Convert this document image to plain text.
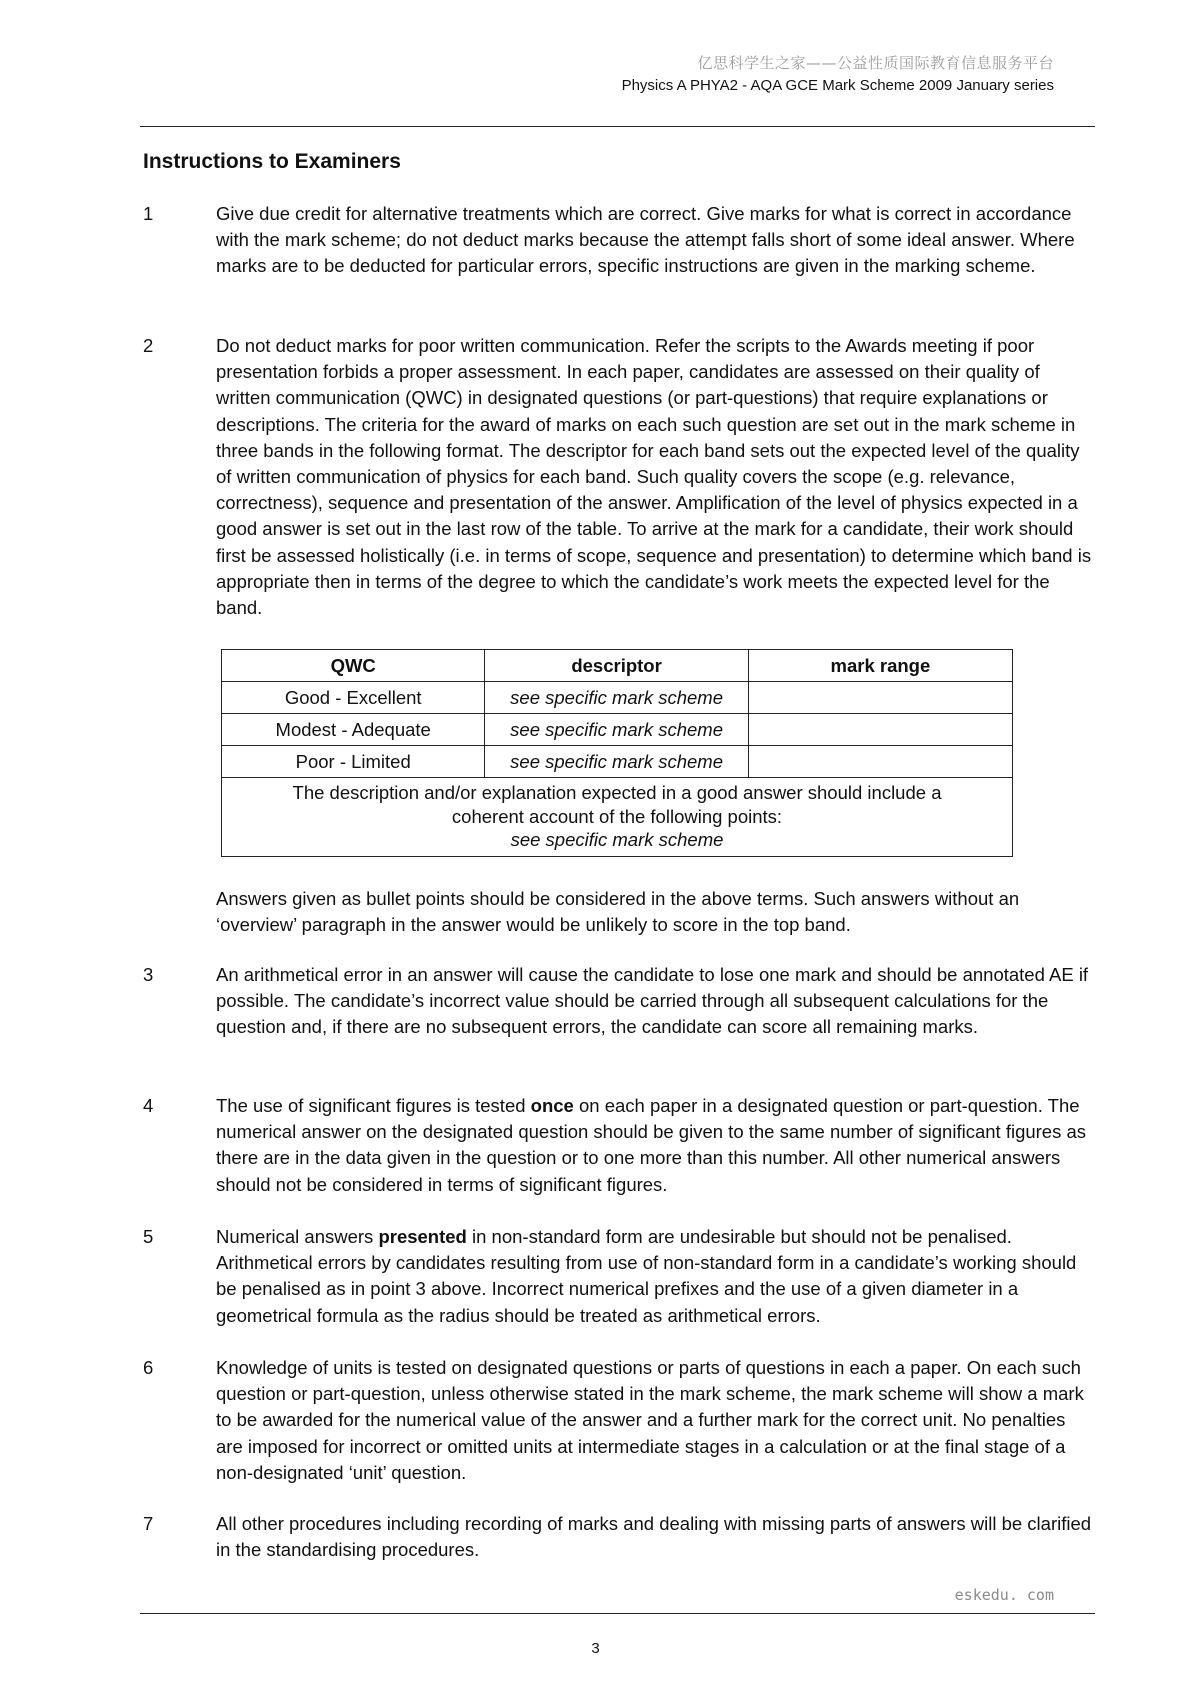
亿思科学生之家——公益性质国际教育信息服务平台
Physics A PHYA2 - AQA GCE Mark Scheme 2009 January series
Instructions to Examiners
1	Give due credit for alternative treatments which are correct. Give marks for what is correct in accordance with the mark scheme; do not deduct marks because the attempt falls short of some ideal answer. Where marks are to be deducted for particular errors, specific instructions are given in the marking scheme.
2	Do not deduct marks for poor written communication. Refer the scripts to the Awards meeting if poor presentation forbids a proper assessment. In each paper, candidates are assessed on their quality of written communication (QWC) in designated questions (or part-questions) that require explanations or descriptions. The criteria for the award of marks on each such question are set out in the mark scheme in three bands in the following format. The descriptor for each band sets out the expected level of the quality of written communication of physics for each band. Such quality covers the scope (e.g. relevance, correctness), sequence and presentation of the answer. Amplification of the level of physics expected in a good answer is set out in the last row of the table. To arrive at the mark for a candidate, their work should first be assessed holistically (i.e. in terms of scope, sequence and presentation) to determine which band is appropriate then in terms of the degree to which the candidate’s work meets the expected level for the band.
QWC	descriptor	mark range
Good - Excellent	see specific mark scheme	
Modest - Adequate	see specific mark scheme	
Poor - Limited	see specific mark scheme	

The description and/or explanation expected in a good answer should include a
coherent account of the following points:
see specific mark scheme		
Answers given as bullet points should be considered in the above terms. Such answers without an ‘overview’ paragraph in the answer would be unlikely to score in the top band.
3	An arithmetical error in an answer will cause the candidate to lose one mark and should be annotated AE if possible. The candidate’s incorrect value should be carried through all subsequent calculations for the question and, if there are no subsequent errors, the candidate can score all remaining marks.
4	The use of significant figures is tested once on each paper in a designated question or part-question. The numerical answer on the designated question should be given to the same number of significant figures as there are in the data given in the question or to one more than this number. All other numerical answers should not be considered in terms of significant figures.
5	Numerical answers presented in non-standard form are undesirable but should not be penalised. Arithmetical errors by candidates resulting from use of non-standard form in a candidate’s working should be penalised as in point 3 above. Incorrect numerical prefixes and the use of a given diameter in a geometrical formula as the radius should be treated as arithmetical errors.
6	Knowledge of units is tested on designated questions or parts of questions in each a paper. On each such question or part-question, unless otherwise stated in the mark scheme, the mark scheme will show a mark to be awarded for the numerical value of the answer and a further mark for the correct unit. No penalties are imposed for incorrect or omitted units at intermediate stages in a calculation or at the final stage of a non-designated ‘unit’ question.
7	All other procedures including recording of marks and dealing with missing parts of answers will be clarified in the standardising procedures.
eskedu. com
3
